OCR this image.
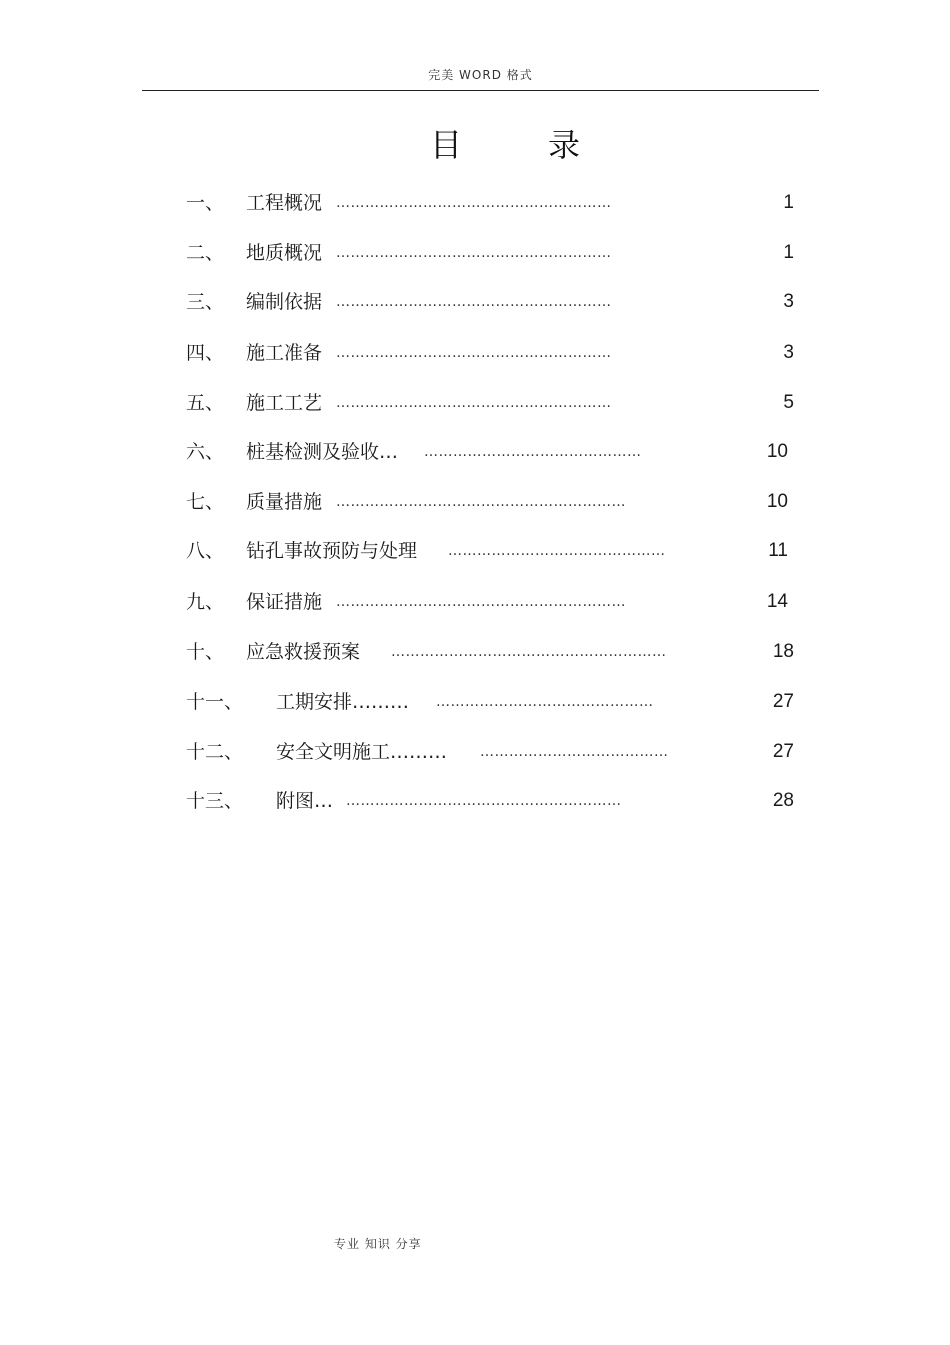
完美 WORD 格式
目	录
一、 工程概况 …………………………………………………	1
二、 地质概况 …………………………………………………	1
三、 编制依据 …………………………………………………	3
四、 施工准备 …………………………………………………	3
五、 施工工艺 …………………………………………………	5
六、 桩基检测及验收… ………………………………………	10
七、 质量措施 ……………………………………………………	10
八、 钻孔事故预防与处理 ………………………………………	11
九、 保证措施 ……………………………………………………	14
十、 应急救援预案 …………………………………………………	18
十一、 工期安排……… ………………………………………	27
十二、 安全文明施工……… …………………………………	27
十三、 附图… …………………………………………………	28
专业 知识 分享
